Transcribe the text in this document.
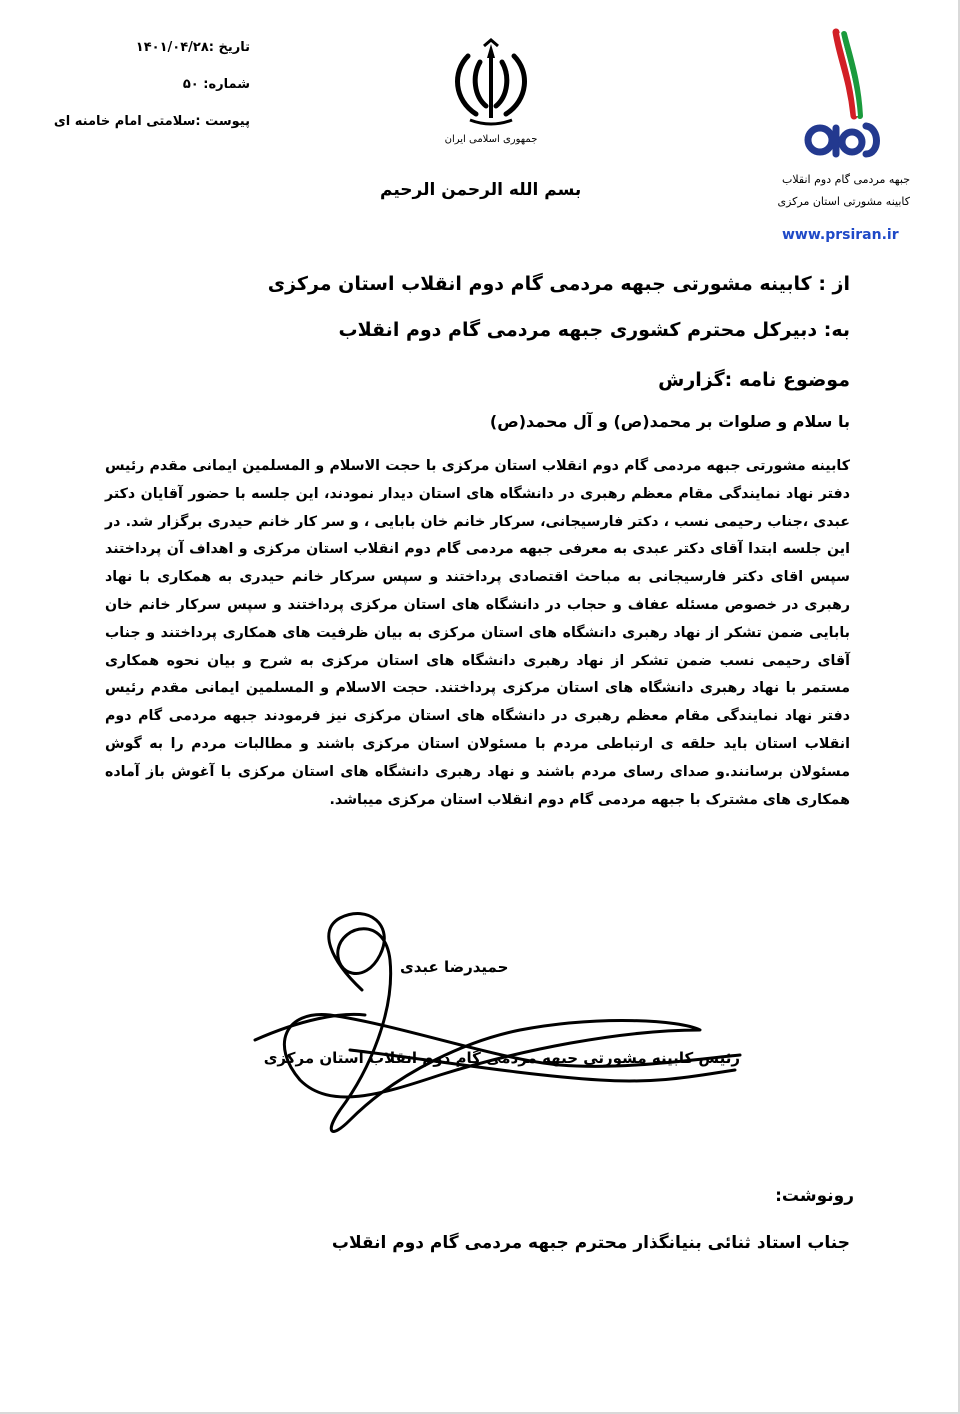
تاریخ :۱۴۰۱/۰۴/۲۸
شماره: ۵۰
پیوست :سلامتی امام خامنه ای
جمهوری اسلامی ایران
جبهه مردمی گام دوم انقلاب
کابینه مشورتی استان مرکزی
www.prsiran.ir
بسم الله الرحمن الرحیم
از : کابینه مشورتی جبهه مردمی گام دوم انقلاب استان مرکزی
به: دبیرکل محترم کشوری جبهه مردمی گام دوم انقلاب
موضوع نامه :گزارش
با سلام و صلوات بر محمد(ص) و آل محمد(ص)
کابینه مشورتی جبهه مردمی گام دوم انقلاب استان مرکزی با حجت الاسلام و المسلمین ایمانی مقدم رئیس دفتر نهاد نمایندگی مقام معظم رهبری در دانشگاه های استان دیدار نمودند، این جلسه با حضور آقایان دکتر عبدی ،جناب رحیمی نسب ، دکتر فارسیجانی، سرکار خانم خان بابایی ، و سر کار خانم حیدری برگزار شد. در این جلسه ابتدا آقای دکتر عبدی به معرفی جبهه مردمی گام دوم انقلاب استان مرکزی و اهداف آن پرداختند سپس اقای دکتر فارسیجانی به مباحث اقتصادی پرداختند و سپس سرکار خانم حیدری به همکاری با نهاد رهبری در خصوص مسئله عفاف و حجاب در دانشگاه های استان مرکزی پرداختند و سپس سرکار خانم خان بابایی ضمن تشکر از نهاد رهبری دانشگاه های استان مرکزی به بیان ظرفیت های همکاری پرداختند و جناب آقای رحیمی نسب ضمن تشکر از نهاد رهبری دانشگاه های استان مرکزی به شرح و بیان نحوه همکاری مستمر با نهاد رهبری دانشگاه های استان مرکزی پرداختند. حجت الاسلام و المسلمین ایمانی مقدم رئیس دفتر نهاد نمایندگی مقام معظم رهبری در دانشگاه های استان مرکزی نیز فرمودند جبهه مردمی گام دوم انقلاب استان باید حلقه ی ارتباطی مردم با مسئولان استان مرکزی باشند و مطالبات مردم را به گوش مسئولان برسانند.و صدای رسای مردم باشند و نهاد رهبری دانشگاه های استان مرکزی با آغوش باز آماده همکاری های مشترک با جبهه مردمی گام دوم انقلاب استان مرکزی میباشد.
حمیدرضا عبدی
رئیس کابینه مشورتی جبهه مردمی گام دوم انقلاب استان مرکزی
رونوشت:
جناب استاد ثنائی بنیانگذار محترم جبهه مردمی گام دوم انقلاب
